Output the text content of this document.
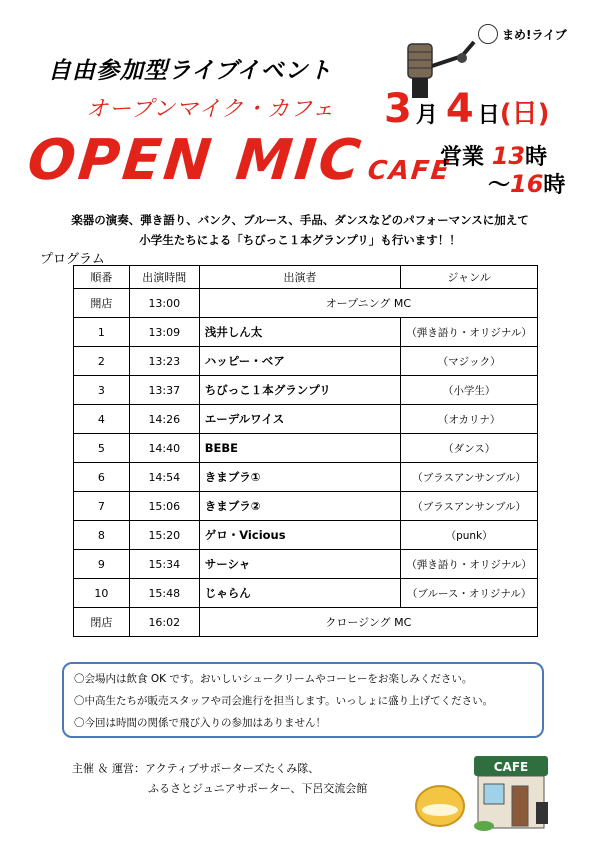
まめ!ライブ
自由参加型ライブイベント
オープンマイク・カフェ
OPEN MICCAFE
3 月 4 日(日)
営業 13時
～16時
楽器の演奏、弾き語り、バンク、ブルース、手品、ダンスなどのパフォーマンスに加えて
小学生たちによる「ちびっこ１本グランプリ」も行います！！
プログラム
順番	出演時間	出演者	ジャンル
開店	13:00	オープニング MC	
1	13:09	浅井しん太	（弾き語り・オリジナル）
2	13:23	ハッピー・ベア	（マジック）
3	13:37	ちびっこ１本グランプリ	（小学生）
4	14:26	エーデルワイス	（オカリナ）
5	14:40	BEBE	（ダンス）
6	14:54	きまブラ①	（ブラスアンサンブル）
7	15:06	きまブラ②	（ブラスアンサンブル）
8	15:20	ゲロ・Vicious	（punk）
9	15:34	サーシャ	（弾き語り・オリジナル）
10	15:48	じゃらん	（ブルース・オリジナル）
閉店	16:02	クロージング MC	
〇会場内は飲食 OK です。おいしいシュークリームやコーヒーをお楽しみください。
〇中高生たちが販売スタッフや司会進行を担当します。いっしょに盛り上げてください。
〇今回は時間の関係で飛び入りの参加はありません！
主催 ＆ 運営：アクティブサポーターズたくみ隊、
ふるさとジュニアサポーター、下呂交流会館
CAFE
